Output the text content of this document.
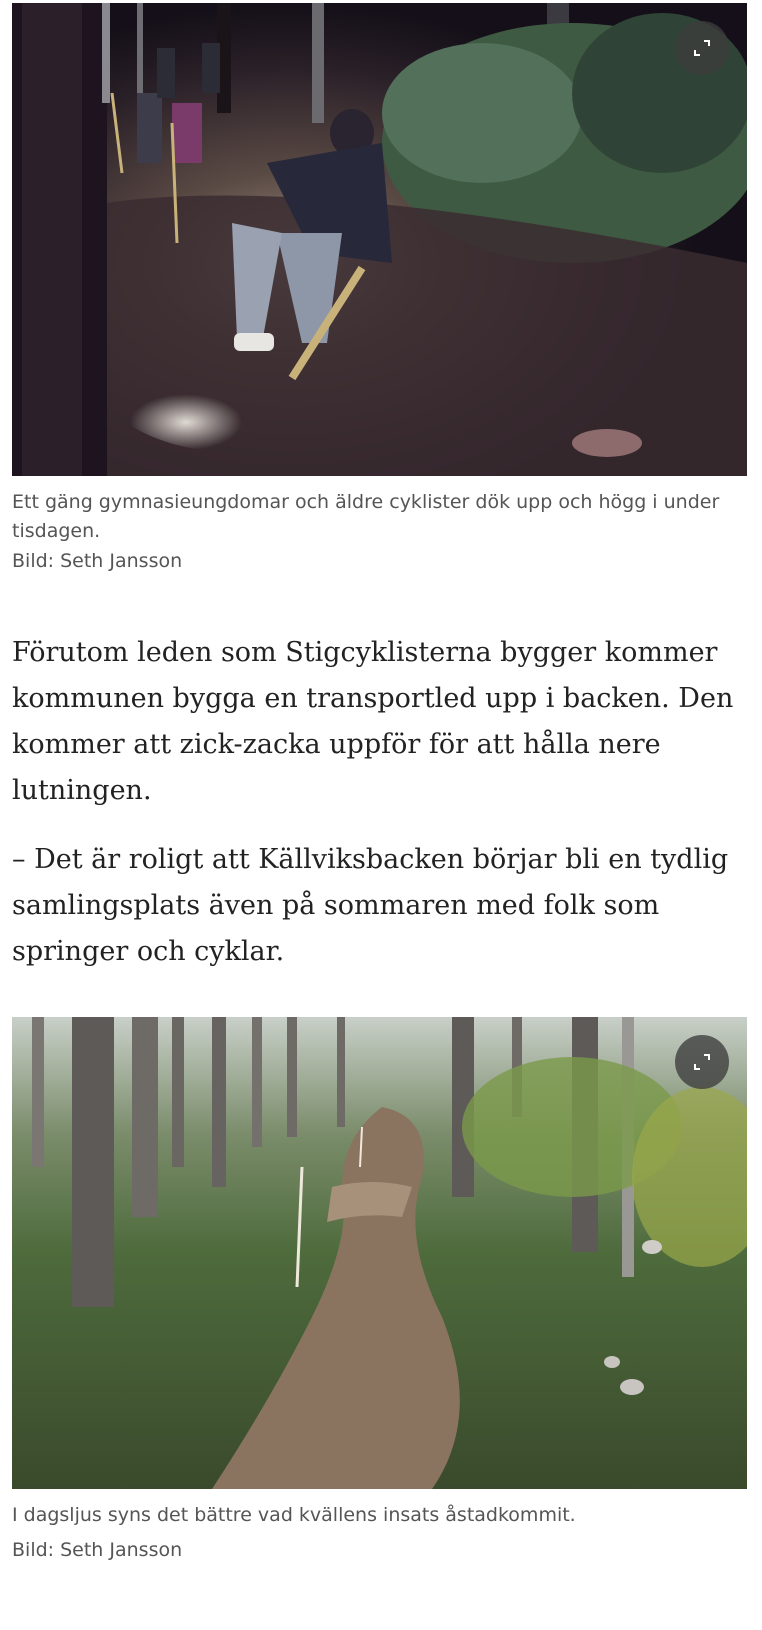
Ett gäng gymnasieungdomar och äldre cyklister dök upp och högg i under tisdagen.
Bild: Seth Jansson

Förutom leden som Stigcyklisterna bygger kommer kommunen bygga en transportled upp i backen. Den kommer att zick-zacka uppför för att hålla nere lutningen.

– Det är roligt att Källviksbacken börjar bli en tydlig samlingsplats även på sommaren med folk som springer och cyklar.

I dagsljus syns det bättre vad kvällens insats åstadkommit.
Bild: Seth Jansson
